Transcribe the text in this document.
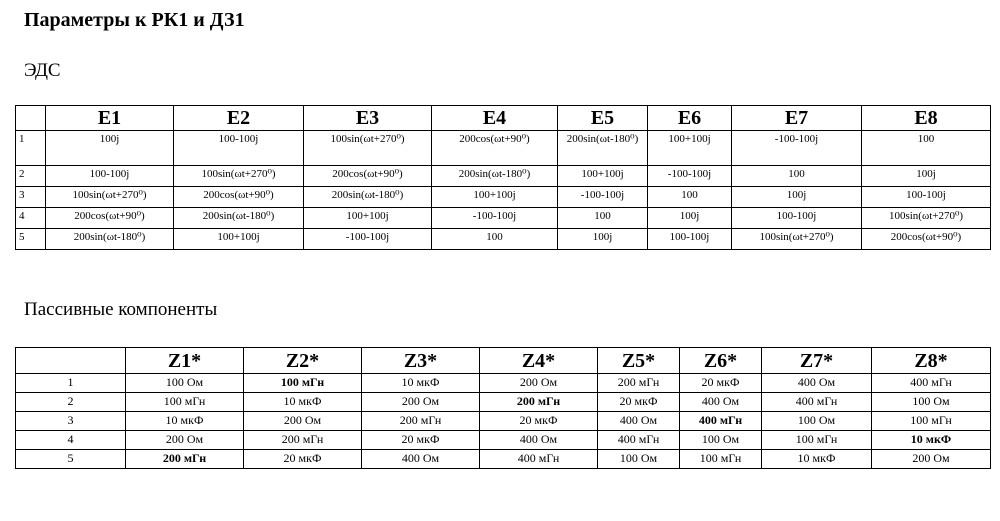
Параметры к РК1 и ДЗ1
ЭДС
	E1	E2	E3	E4	E5	E6	E7	E8
1	100j	100-100j	100sin(ωt+270⁰)	200cos(ωt+90⁰)	200sin(ωt-180⁰)	100+100j	-100-100j	100
2	100-100j	100sin(ωt+270⁰)	200cos(ωt+90⁰)	200sin(ωt-180⁰)	100+100j	-100-100j	100	100j
3	100sin(ωt+270⁰)	200cos(ωt+90⁰)	200sin(ωt-180⁰)	100+100j	-100-100j	100	100j	100-100j
4	200cos(ωt+90⁰)	200sin(ωt-180⁰)	100+100j	-100-100j	100	100j	100-100j	100sin(ωt+270⁰)
5	200sin(ωt-180⁰)	100+100j	-100-100j	100	100j	100-100j	100sin(ωt+270⁰)	200cos(ωt+90⁰)
Пассивные компоненты
	Z1*	Z2*	Z3*	Z4*	Z5*	Z6*	Z7*	Z8*
1	100 Ом	100 мГн	10 мкФ	200 Ом	200 мГн	20 мкФ	400 Ом	400 мГн
2	100 мГн	10 мкФ	200 Ом	200 мГн	20 мкФ	400 Ом	400 мГн	100 Ом
3	10 мкФ	200 Ом	200 мГн	20 мкФ	400 Ом	400 мГн	100 Ом	100 мГн
4	200 Ом	200 мГн	20 мкФ	400 Ом	400 мГн	100 Ом	100 мГн	10 мкФ
5	200 мГн	20 мкФ	400 Ом	400 мГн	100 Ом	100 мГн	10 мкФ	200 Ом
